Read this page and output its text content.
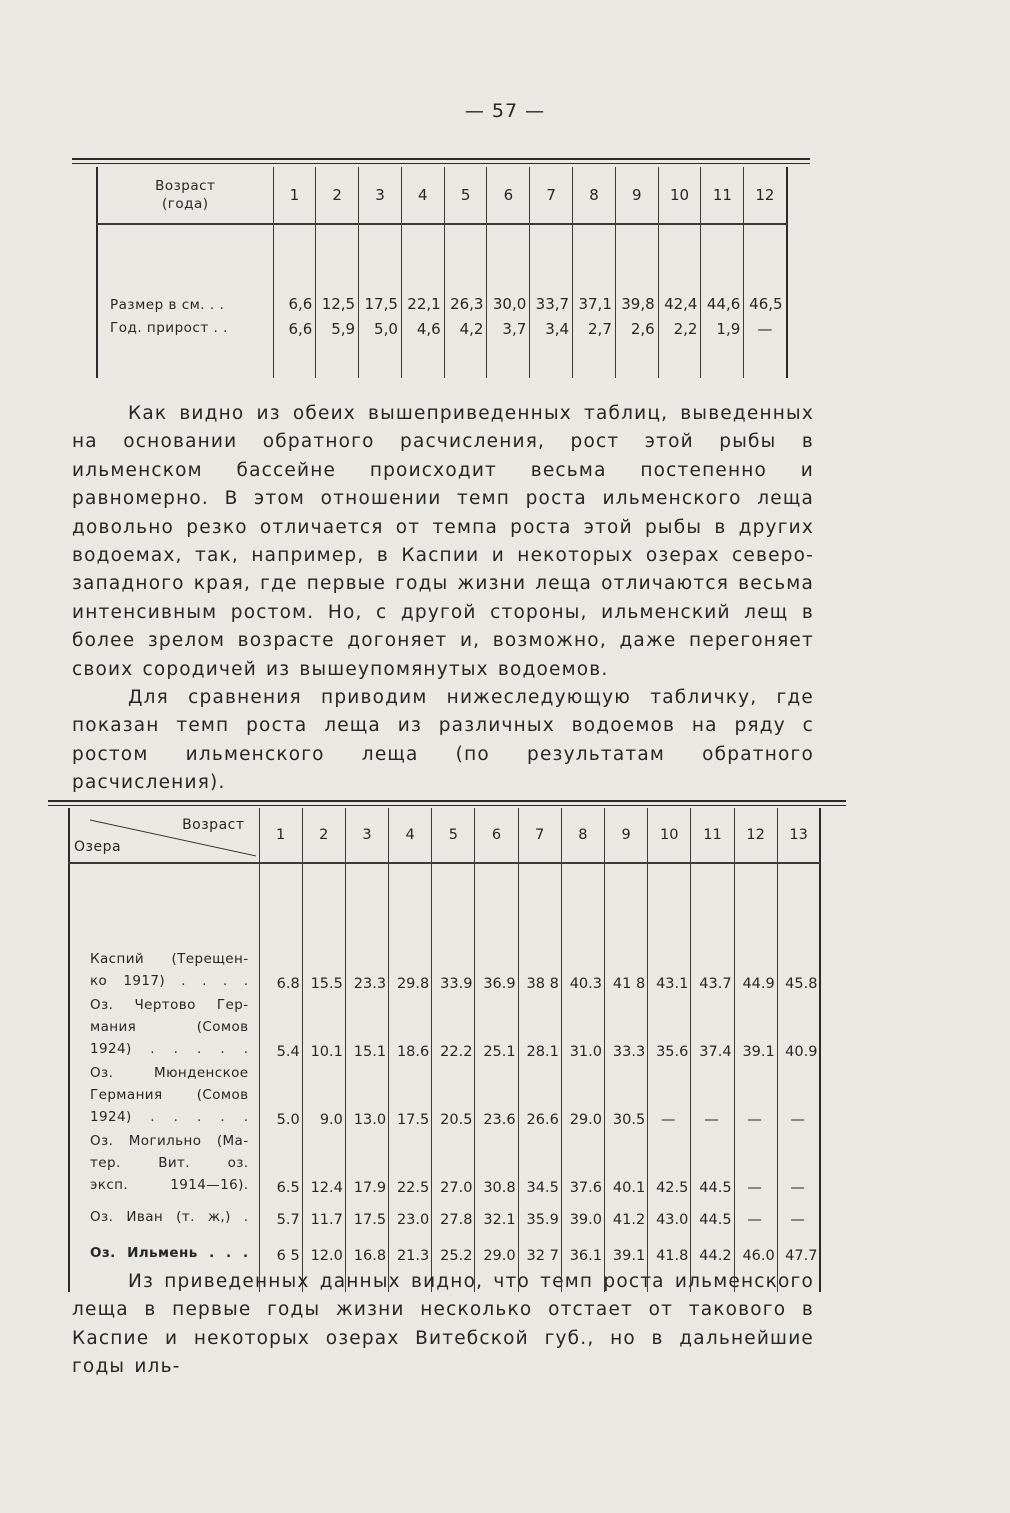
— 57 —
Возраст
(года)	1	2	3	4	5	6	7	8	9	10	11	12

Размер в см. . .	6,6	12,5	17,5	22,1	26,3	30,0	33,7	37,1	39,8	42,4	44,6	46,5
Год. прирост . .	6,6	5,9	5,0	4,6	4,2	3,7	3,4	2,7	2,6	2,2	1,9	—

Как видно из обеих вышеприведенных таблиц, выведенных на основании обратного расчисления, рост этой рыбы в ильменском бассейне происходит весьма постепенно и равномерно. В этом отношении темп роста ильменского леща довольно резко отличается от темпа роста этой рыбы в других водоемах, так, например, в Каспии и некоторых озерах северо-западного края, где первые годы жизни леща отличаются весьма интенсивным ростом. Но, с другой стороны, ильменский лещ в более зрелом возрасте догоняет и, возможно, даже перегоняет своих сородичей из вышеупомянутых водоемов.

Для сравнения приводим нижеследующую табличку, где показан темп роста леща из различных водоемов на ряду с ростом ильменского леща (по результатам обратного расчисления).

Возраст
Озера	1	2	3	4	5	6	7	8	9	10	11	12	13

Каспий (Терещен-
ко 1917) . . . .	6.8	15.5	23.3	29.8	33.9	36.9	38 8	40.3	41 8	43.1	43.7	44.9	45.8

Оз. Чертово Гер-
мания (Сомов
1924) . . . . .	5.4	10.1	15.1	18.6	22.2	25.1	28.1	31.0	33.3	35.6	37.4	39.1	40.9

Оз. Мюнденское
Германия (Сомов
1924) . . . . .	5.0	9.0	13.0	17.5	20.5	23.6	26.6	29.0	30.5	—	—	—	—

Оз. Могильно (Ма-
тер. Вит. оз.
эксп. 1914—16).	6.5	12.4	17.9	22.5	27.0	30.8	34.5	37.6	40.1	42.5	44.5	—	—

Оз. Иван (т. ж,) .	5.7	11.7	17.5	23.0	27.8	32.1	35.9	39.0	41.2	43.0	44.5	—	—

Оз. Ильмень . . .	6 5	12.0	16.8	21.3	25.2	29.0	32 7	36.1	39.1	41.8	44.2	46.0	47.7

Из приведенных данных видно, что темп роста ильменского леща в первые годы жизни несколько отстает от такового в Каспие и некоторых озерах Витебской губ., но в дальнейшие годы иль-
